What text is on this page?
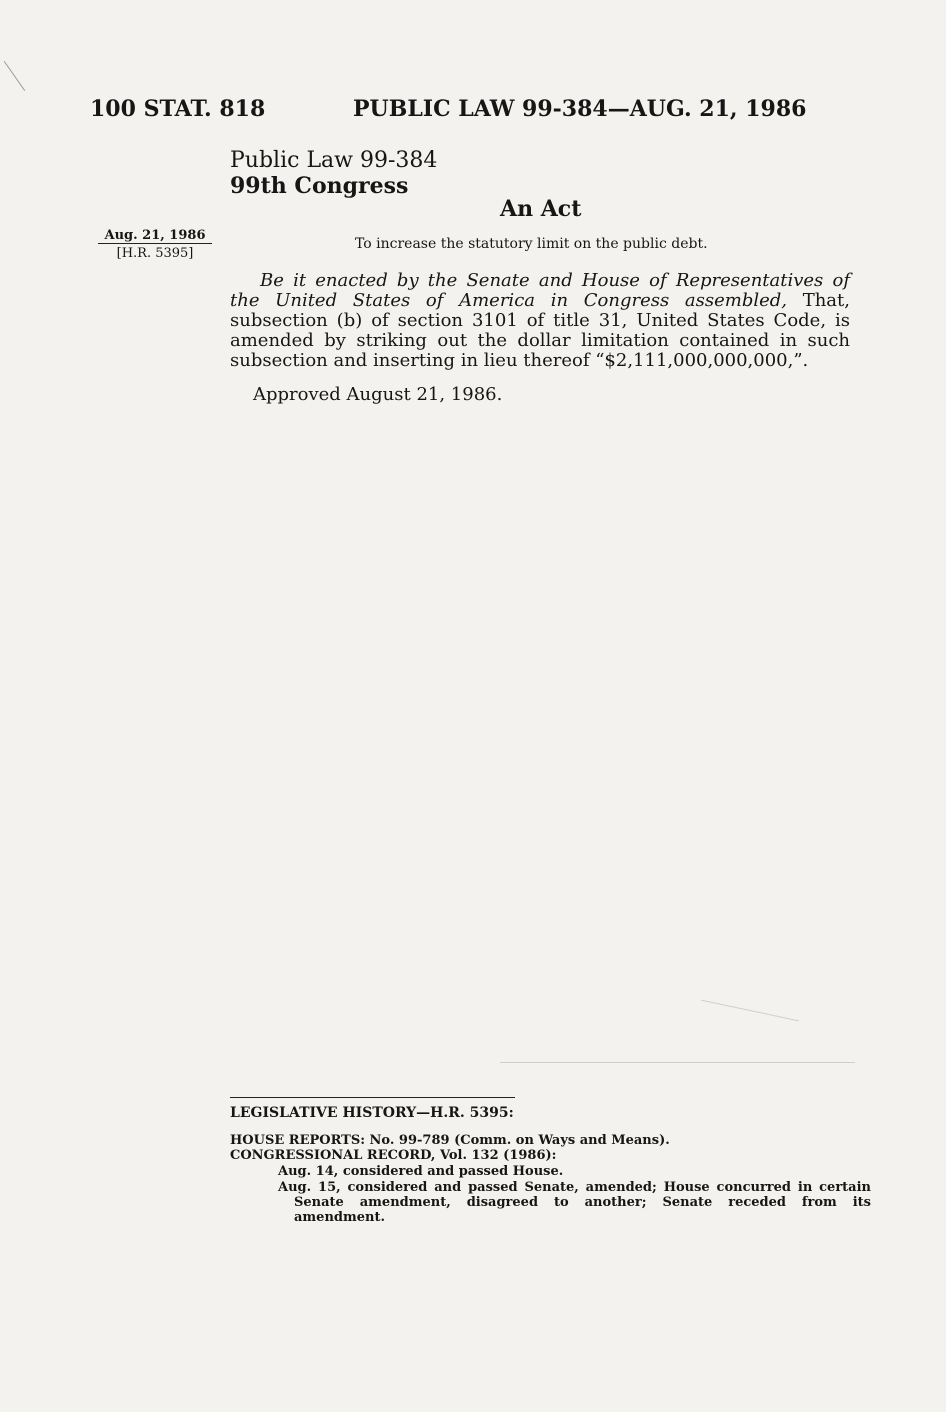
100 STAT. 818	PUBLIC LAW 99-384—AUG. 21, 1986
Public Law 99-384
99th Congress
An Act
Aug. 21, 1986
[H.R. 5395]
To increase the statutory limit on the public debt.
Be it enacted by the Senate and House of Representatives of the United States of America in Congress assembled, That, subsection (b) of section 3101 of title 31, United States Code, is amended by striking out the dollar limitation contained in such subsection and inserting in lieu thereof “$2,111,000,000,000,”.
Approved August 21, 1986.
LEGISLATIVE HISTORY—H.R. 5395:
HOUSE REPORTS: No. 99-789 (Comm. on Ways and Means).
CONGRESSIONAL RECORD, Vol. 132 (1986):
Aug. 14, considered and passed House.
Aug. 15, considered and passed Senate, amended; House concurred in certain Senate amendment, disagreed to another; Senate receded from its amendment.
